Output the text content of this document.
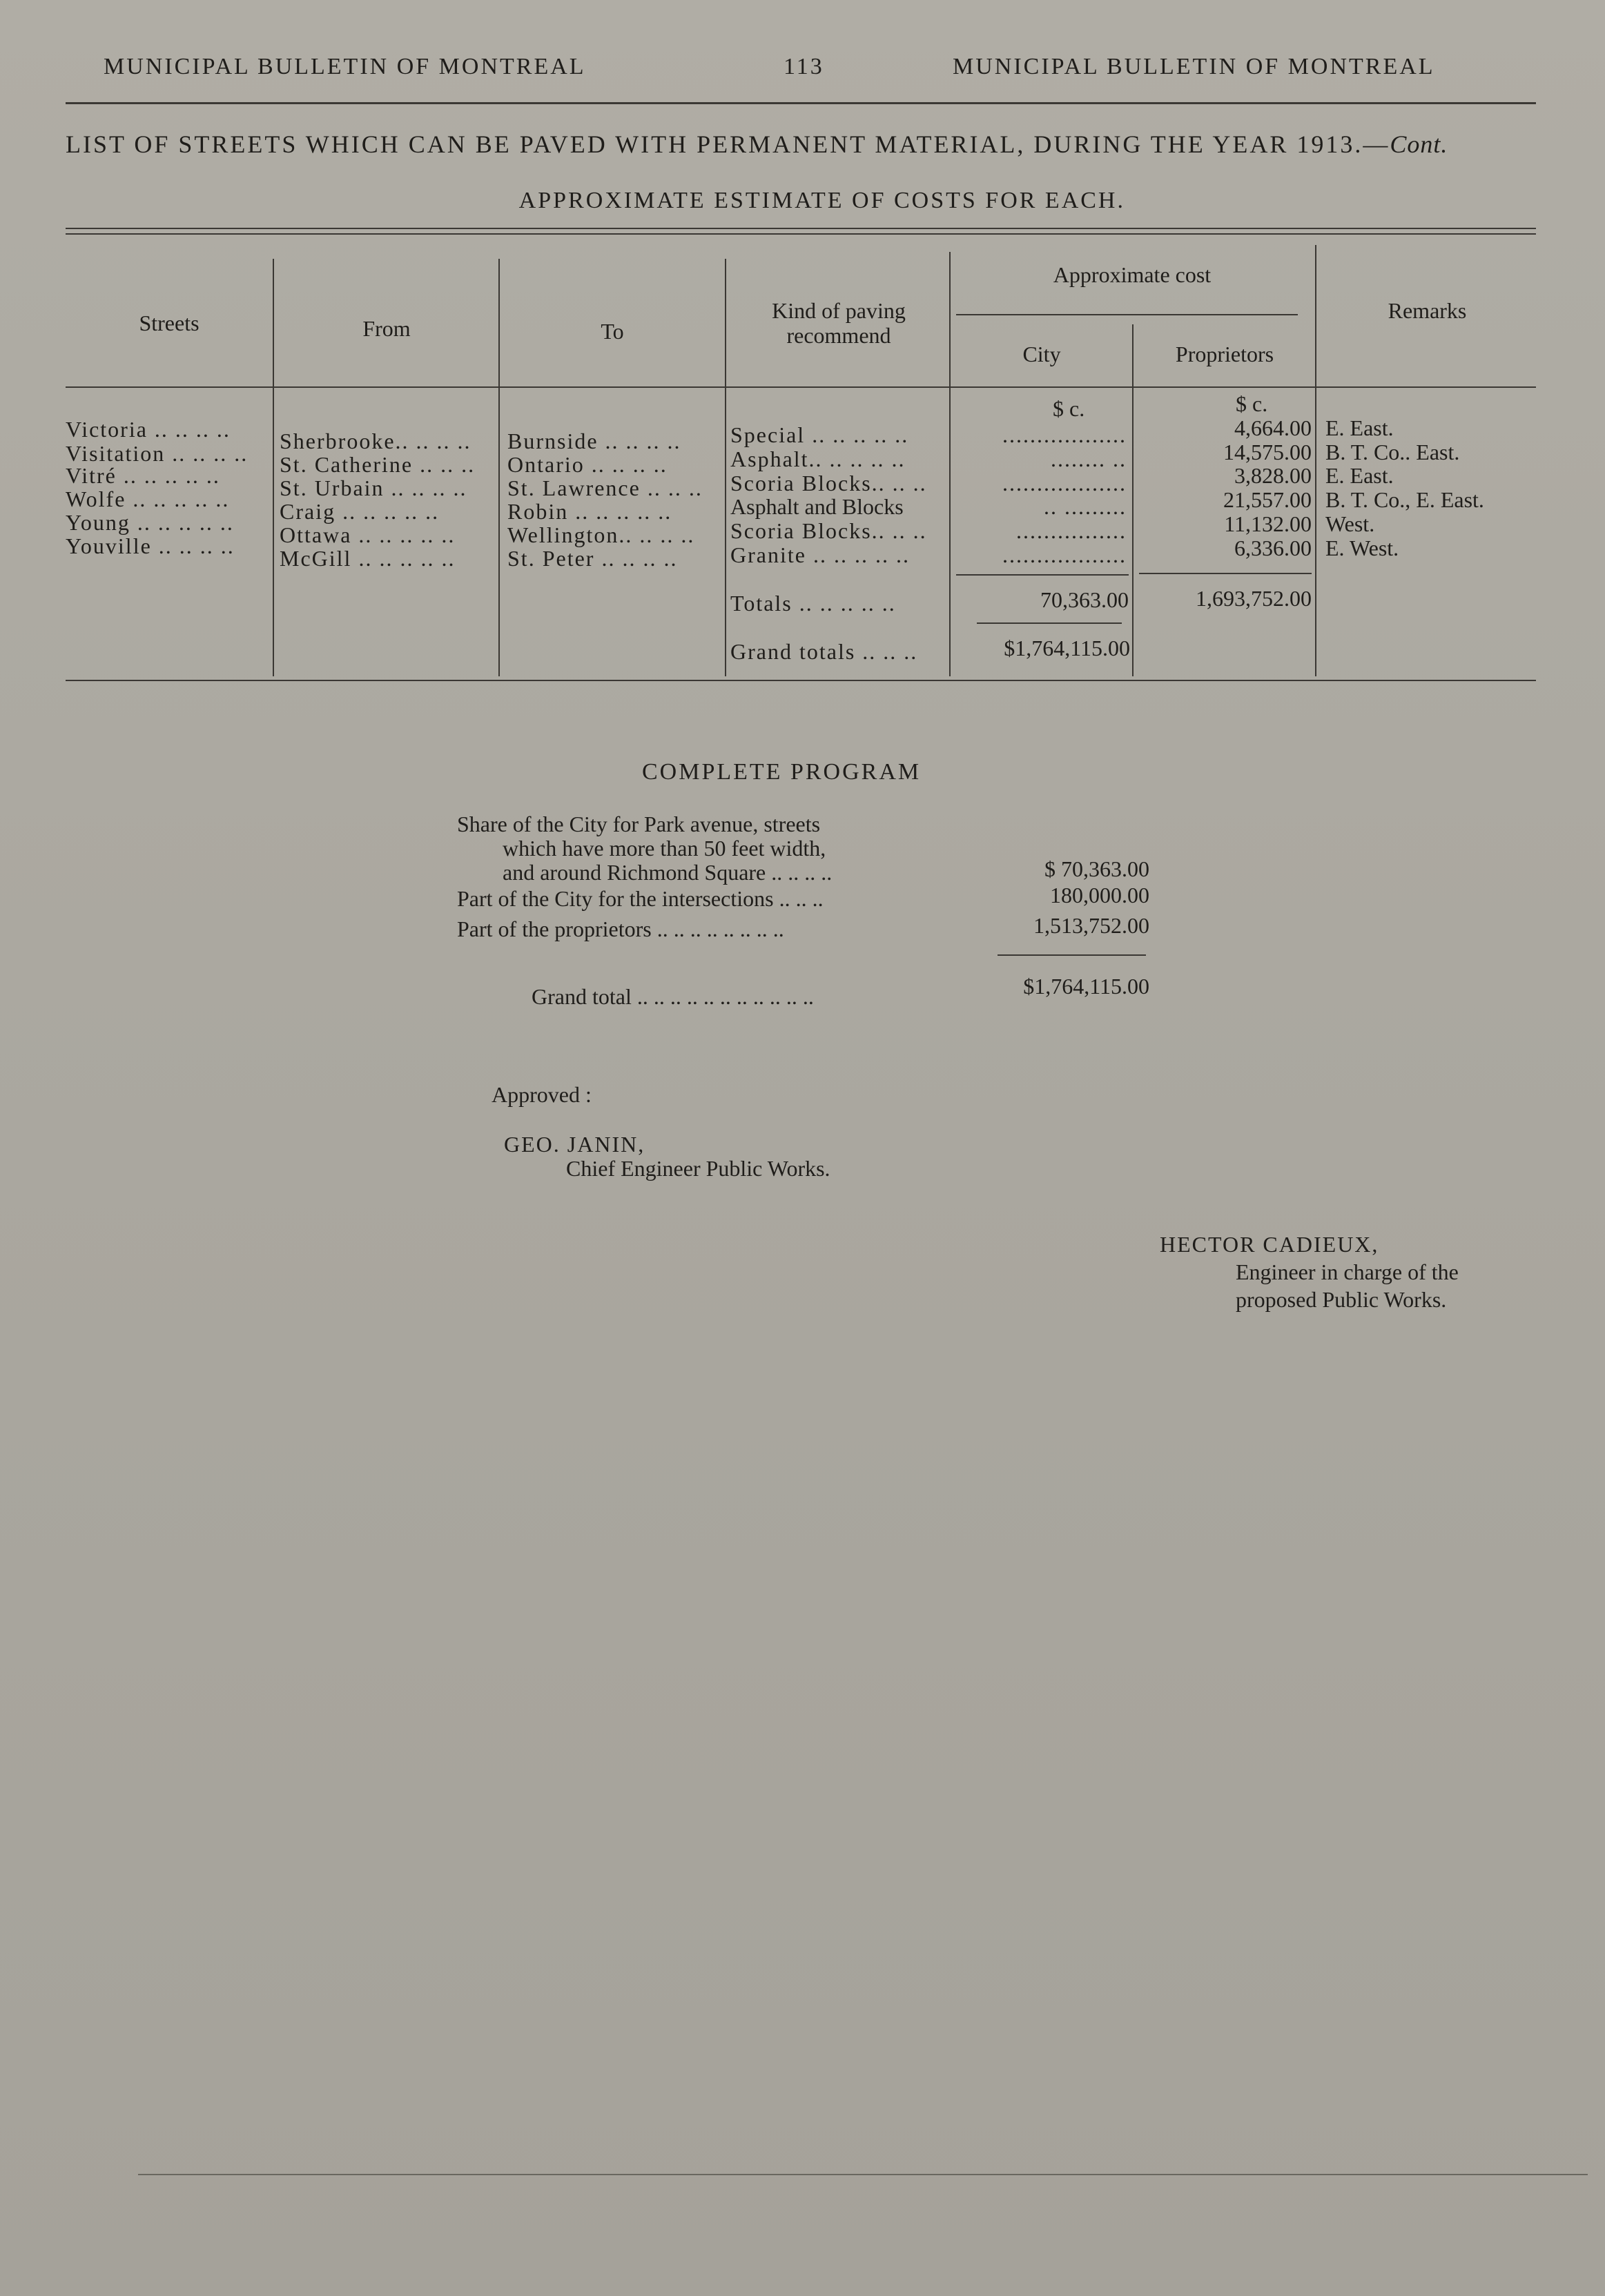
MUNICIPAL BULLETIN OF MONTREAL	113	MUNICIPAL BULLETIN OF MONTREAL
LIST OF STREETS WHICH CAN BE PAVED WITH PERMANENT MATERIAL, DURING THE YEAR 1913.—Cont.
APPROXIMATE ESTIMATE OF COSTS FOR EACH.
Streets	From	To
Kind of paving recommend
Approximate cost
City	Proprietors
Remarks
$ c.	$ c.
Victoria .. .. .. ..	Sherbrooke.. .. .. ..	Burnside .. .. .. ..	Special .. .. .. .. ..	..................	4,664.00 E. East.
Visitation .. .. .. ..	St. Catherine .. .. ..	Ontario .. .. .. ..	Asphalt.. .. .. .. ..	........ ..	14,575.00 B. T. Co.. East.
Vitré .. .. .. .. ..	St. Urbain .. .. .. ..	St. Lawrence .. .. ..	Scoria Blocks.. .. ..	..................	3,828.00 E. East.
Wolfe .. .. .. .. ..	Craig .. .. .. .. ..	Robin .. .. .. .. ..	Asphalt and Blocks	.. .........	21,557.00 B. T. Co., E. East.
Young .. .. .. .. ..	Ottawa .. .. .. .. ..	Wellington.. .. .. ..	Scoria Blocks.. .. ..	................	11,132.00 West.
Youville .. .. .. ..	McGill .. .. .. .. ..	St. Peter .. .. .. ..	Granite .. .. .. .. ..	..................	6,336.00 E. West.
Totals .. .. .. .. ..	70,363.00	1,693,752.00
Grand totals .. .. ..	$1,764,115.00
COMPLETE PROGRAM
Share of the City for Park avenue, streets
which have more than 50 feet width,
and around Richmond Square .. .. .. ..	$ 70,363.00
Part of the City for the intersections .. .. ..	180,000.00
Part of the proprietors .. .. .. .. .. .. .. ..	1,513,752.00
Grand total .. .. .. .. .. .. .. .. .. .. ..	$1,764,115.00
Approved :
GEO. JANIN,
Chief Engineer Public Works.
HECTOR CADIEUX,
Engineer in charge of the
proposed Public Works.
